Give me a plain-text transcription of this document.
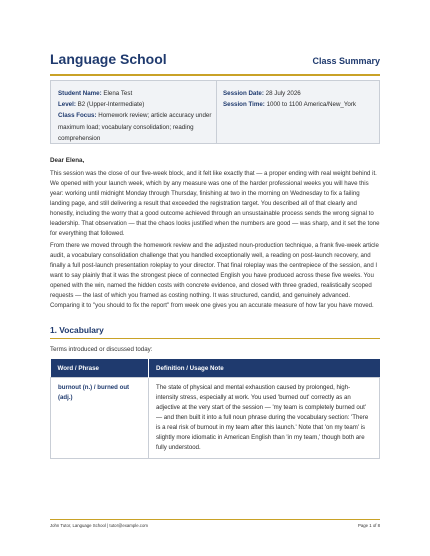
Language School	Class Summary
Student Name: Elena Test
Level: B2 (Upper-Intermediate)
Class Focus: Homework review; article accuracy under maximum load; vocabulary consolidation; reading comprehension
Session Date: 28 July 2026
Session Time: 1000 to 1100 America/New_York
Dear Elena,
This session was the close of our five-week block, and it felt like exactly that — a proper ending with real weight behind it. We opened with your launch week, which by any measure was one of the harder professional weeks you will have this year: working until midnight Monday through Thursday, finishing at two in the morning on Wednesday to fix a failing landing page, and still delivering a result that exceeded the registration target. You described all of that clearly and honestly, including the worry that a good outcome achieved through an unsustainable process sends the wrong signal to leadership. That observation — that the chaos looks justified when the numbers are good — was sharp, and it set the tone for everything that followed.
From there we moved through the homework review and the adjusted noun-production technique, a frank five-week article audit, a vocabulary consolidation challenge that you handled exceptionally well, a reading on post-launch recovery, and finally a full post-launch presentation roleplay to your director. That final roleplay was the centrepiece of the session, and I want to say plainly that it was the strongest piece of connected English you have produced across these five weeks. You opened with the win, named the hidden costs with concrete evidence, and closed with three graded, realistically scoped requests — the last of which you framed as costing nothing. It was structured, candid, and genuinely advanced. Comparing it to "you should to fix the report" from week one gives you an accurate measure of how far you have moved.
1. Vocabulary
Terms introduced or discussed today:
Word / Phrase	Definition / Usage Note
burnout (n.) / burned out (adj.)	The state of physical and mental exhaustion caused by prolonged, high-intensity stress, especially at work. You used 'burned out' correctly as an adjective at the very start of the session — 'my team is completely burned out' — and then built it into a full noun phrase during the vocabulary section: 'There is a real risk of burnout in my team after this launch.' Note that 'on my team' is slightly more idiomatic in American English than 'in my team,' though both are fully understood.
John Tutor, Language School | tutor@example.com	Page 1 of 8
